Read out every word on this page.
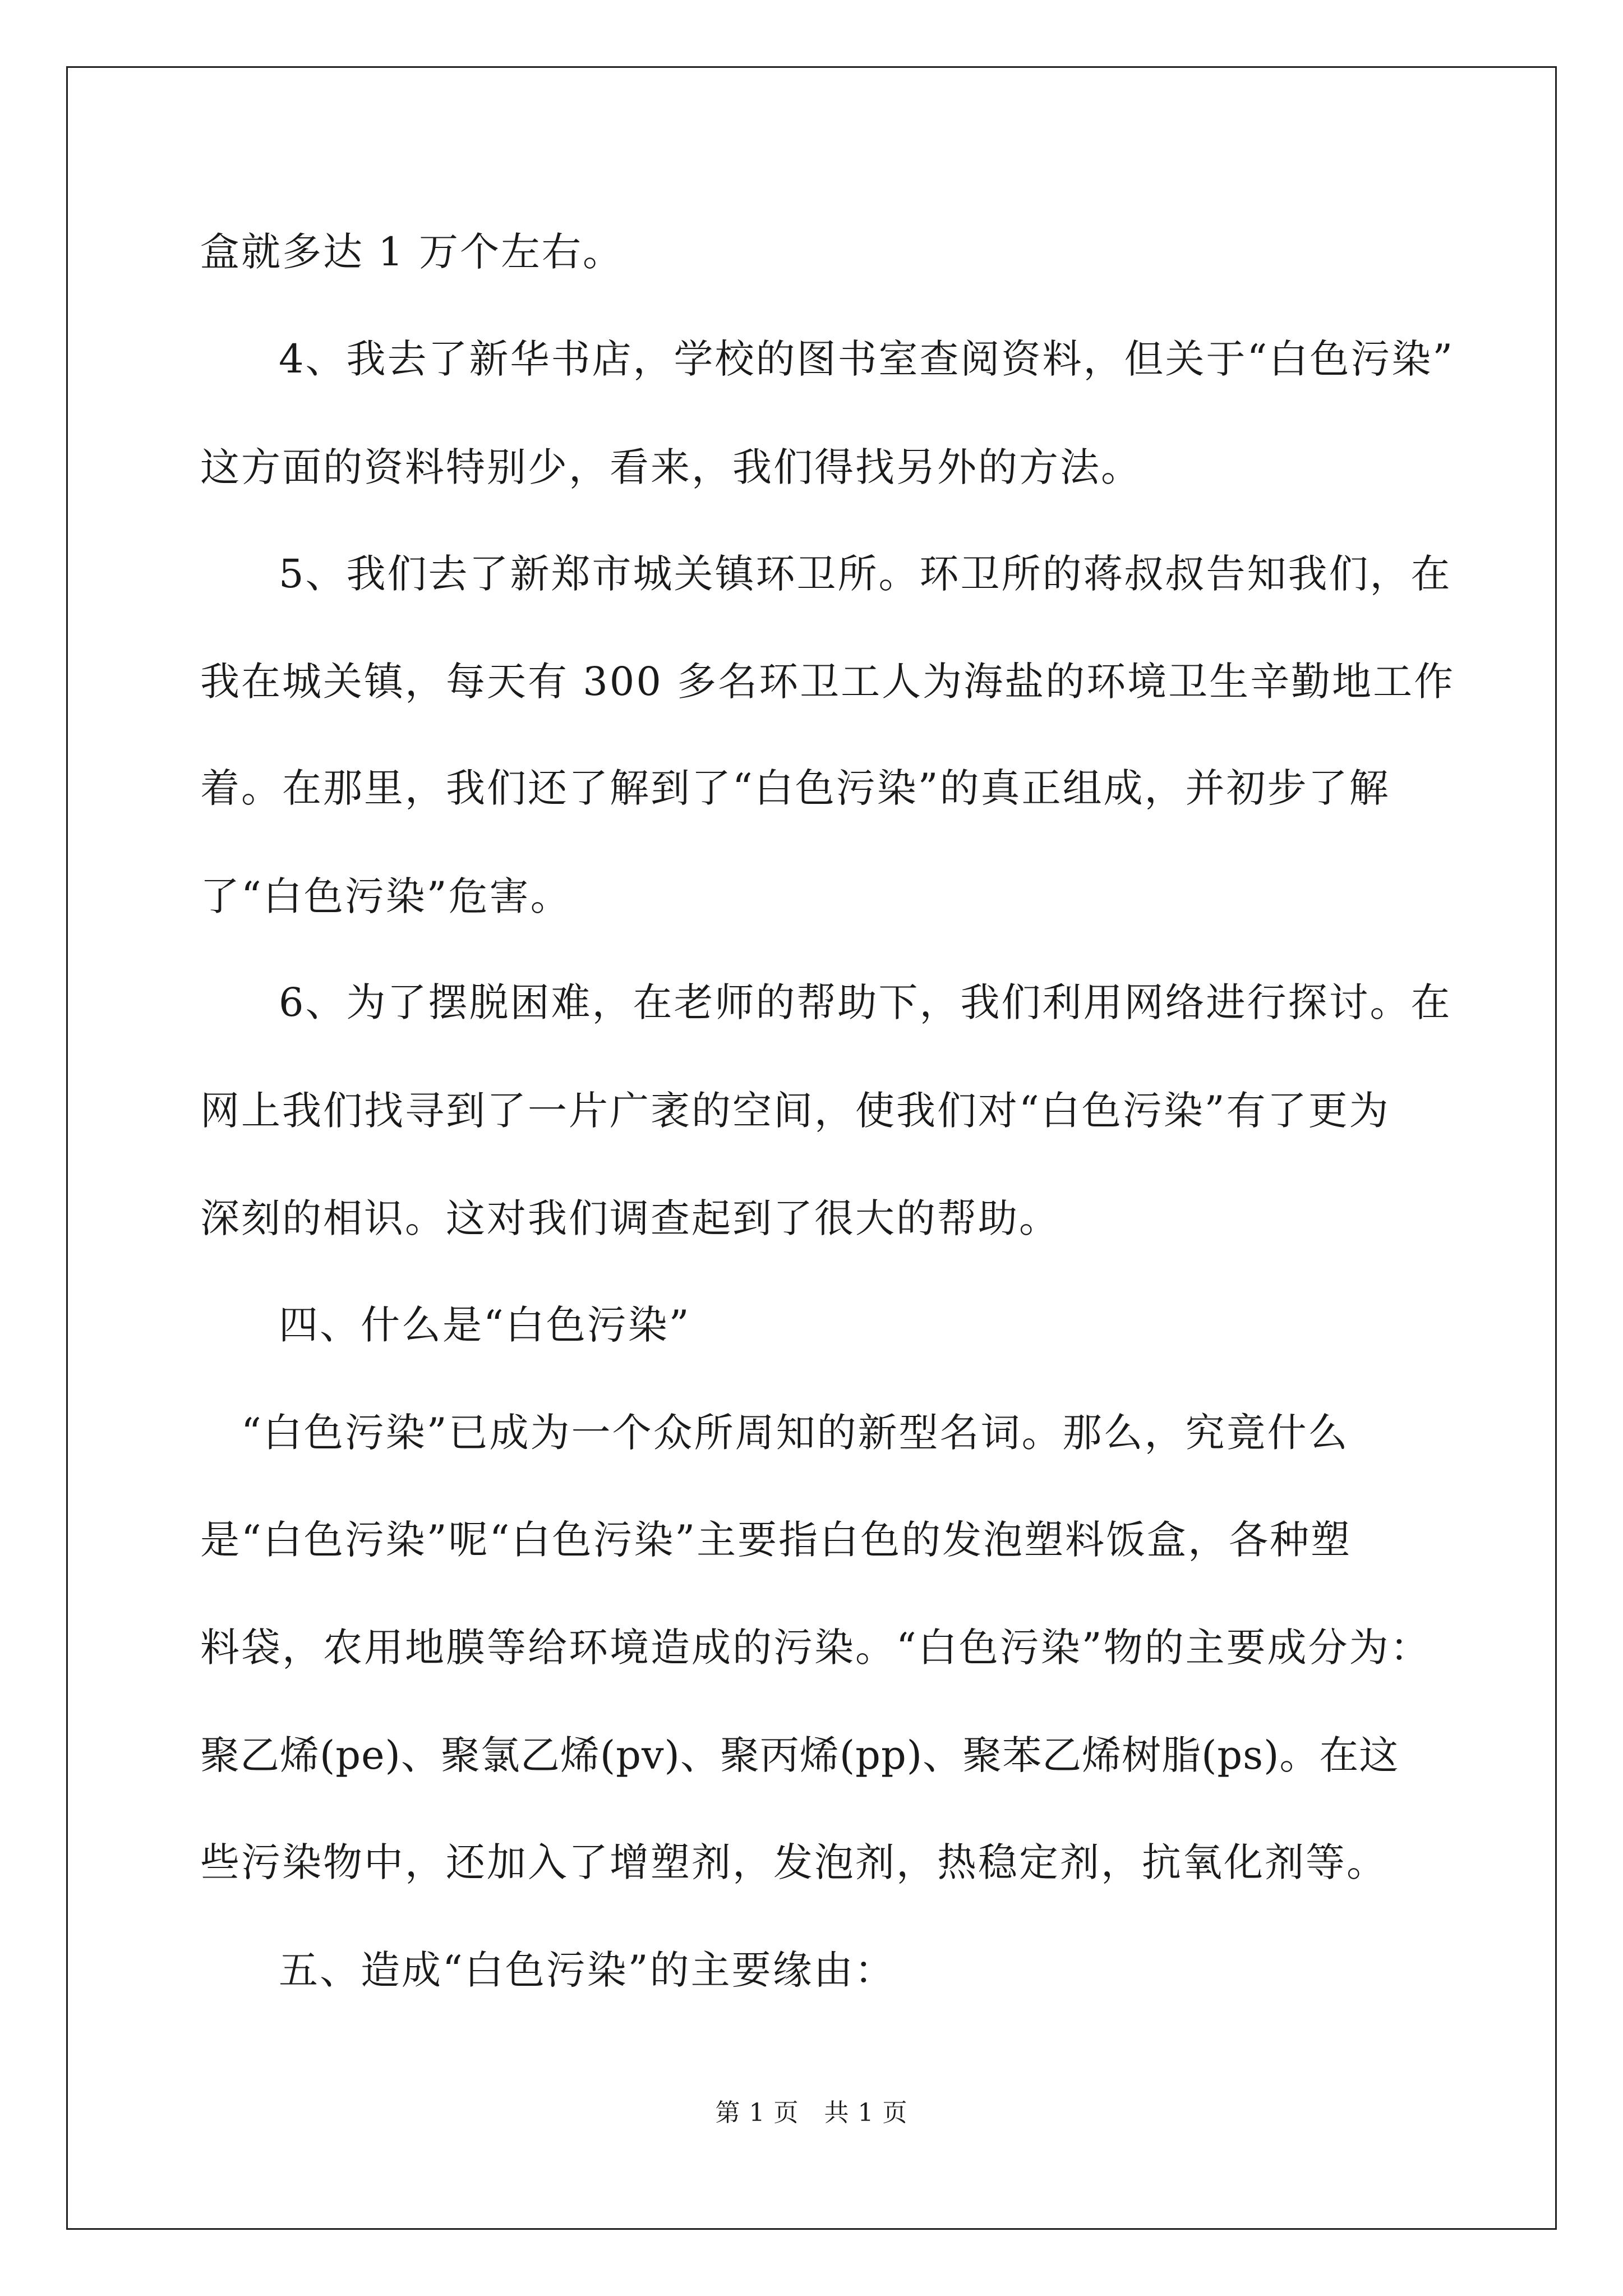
盒就多达 1 万个左右。
4、我去了新华书店，学校的图书室查阅资料，但关于“白色污染”
这方面的资料特别少，看来，我们得找另外的方法。
5、我们去了新郑市城关镇环卫所。环卫所的蒋叔叔告知我们，在
我在城关镇，每天有 300 多名环卫工人为海盐的环境卫生辛勤地工作
着。在那里，我们还了解到了“白色污染”的真正组成，并初步了解
了“白色污染”危害。
6、为了摆脱困难，在老师的帮助下，我们利用网络进行探讨。在
网上我们找寻到了一片广袤的空间，使我们对“白色污染”有了更为
深刻的相识。这对我们调查起到了很大的帮助。
四、什么是“白色污染”
“白色污染”已成为一个众所周知的新型名词。那么，究竟什么
是“白色污染”呢“白色污染”主要指白色的发泡塑料饭盒，各种塑
料袋，农用地膜等给环境造成的污染。“白色污染”物的主要成分为：
聚乙烯(pe)、聚氯乙烯(pv)、聚丙烯(pp)、聚苯乙烯树脂(ps)。在这
些污染物中，还加入了增塑剂，发泡剂，热稳定剂，抗氧化剂等。
五、造成“白色污染”的主要缘由：
第 1 页　共 1 页
